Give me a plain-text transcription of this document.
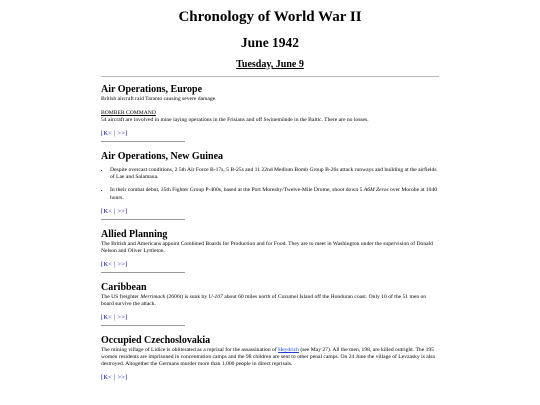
Chronology of World War II
June 1942
Tuesday, June 9
Air Operations, Europe

British aircraft raid Taranto causing severe damage.

BOMBER COMMAND

54 aircraft are involved in mine laying operations in the Frisians and off Swinemünde in the Baltic. There are no losses.

[K< | >>]
Air Operations, New Guinea
• Despite overcast conditions, 2 5th Air Force B-17s, 5 B-25s and 11 22nd Medium Bomb Group B-26s attack runways and building at the airfields of Lae and Salamaua.
• In their combat debut, 35th Fighter Group P-400s, based at the Port Moresby/Twelve-Mile Drome, shoot down 5 A6M Zeros over Morobe at 1040 hours.
[K< | >>]
Allied Planning

The British and Americans appoint Combined Boards for Production and for Food. They are to meet in Washington under the supervision of Donald Nelson and Oliver Lyttleton.

[K< | >>]
Caribbean

The US freighter Merrimack (2606t) is sunk by U-107 about 60 miles north of Cozumel Island off the Honduran coast. Only 10 of the 51 men on board survive the attack.

[K< | >>]
Occupied Czechoslovakia

The mining village of Lidice is obliterated as a reprisal for the assassination of Heydrich (see May 27). All the men, 198, are killed outright. The 195 women residents are imprisoned in concentration camps and the 98 children are sent to other penal camps. On 24 June the village of Levzasky is also destroyed. Altogether the Germans murder more than 1,000 people in direct reprisals.

[K< | >>]
